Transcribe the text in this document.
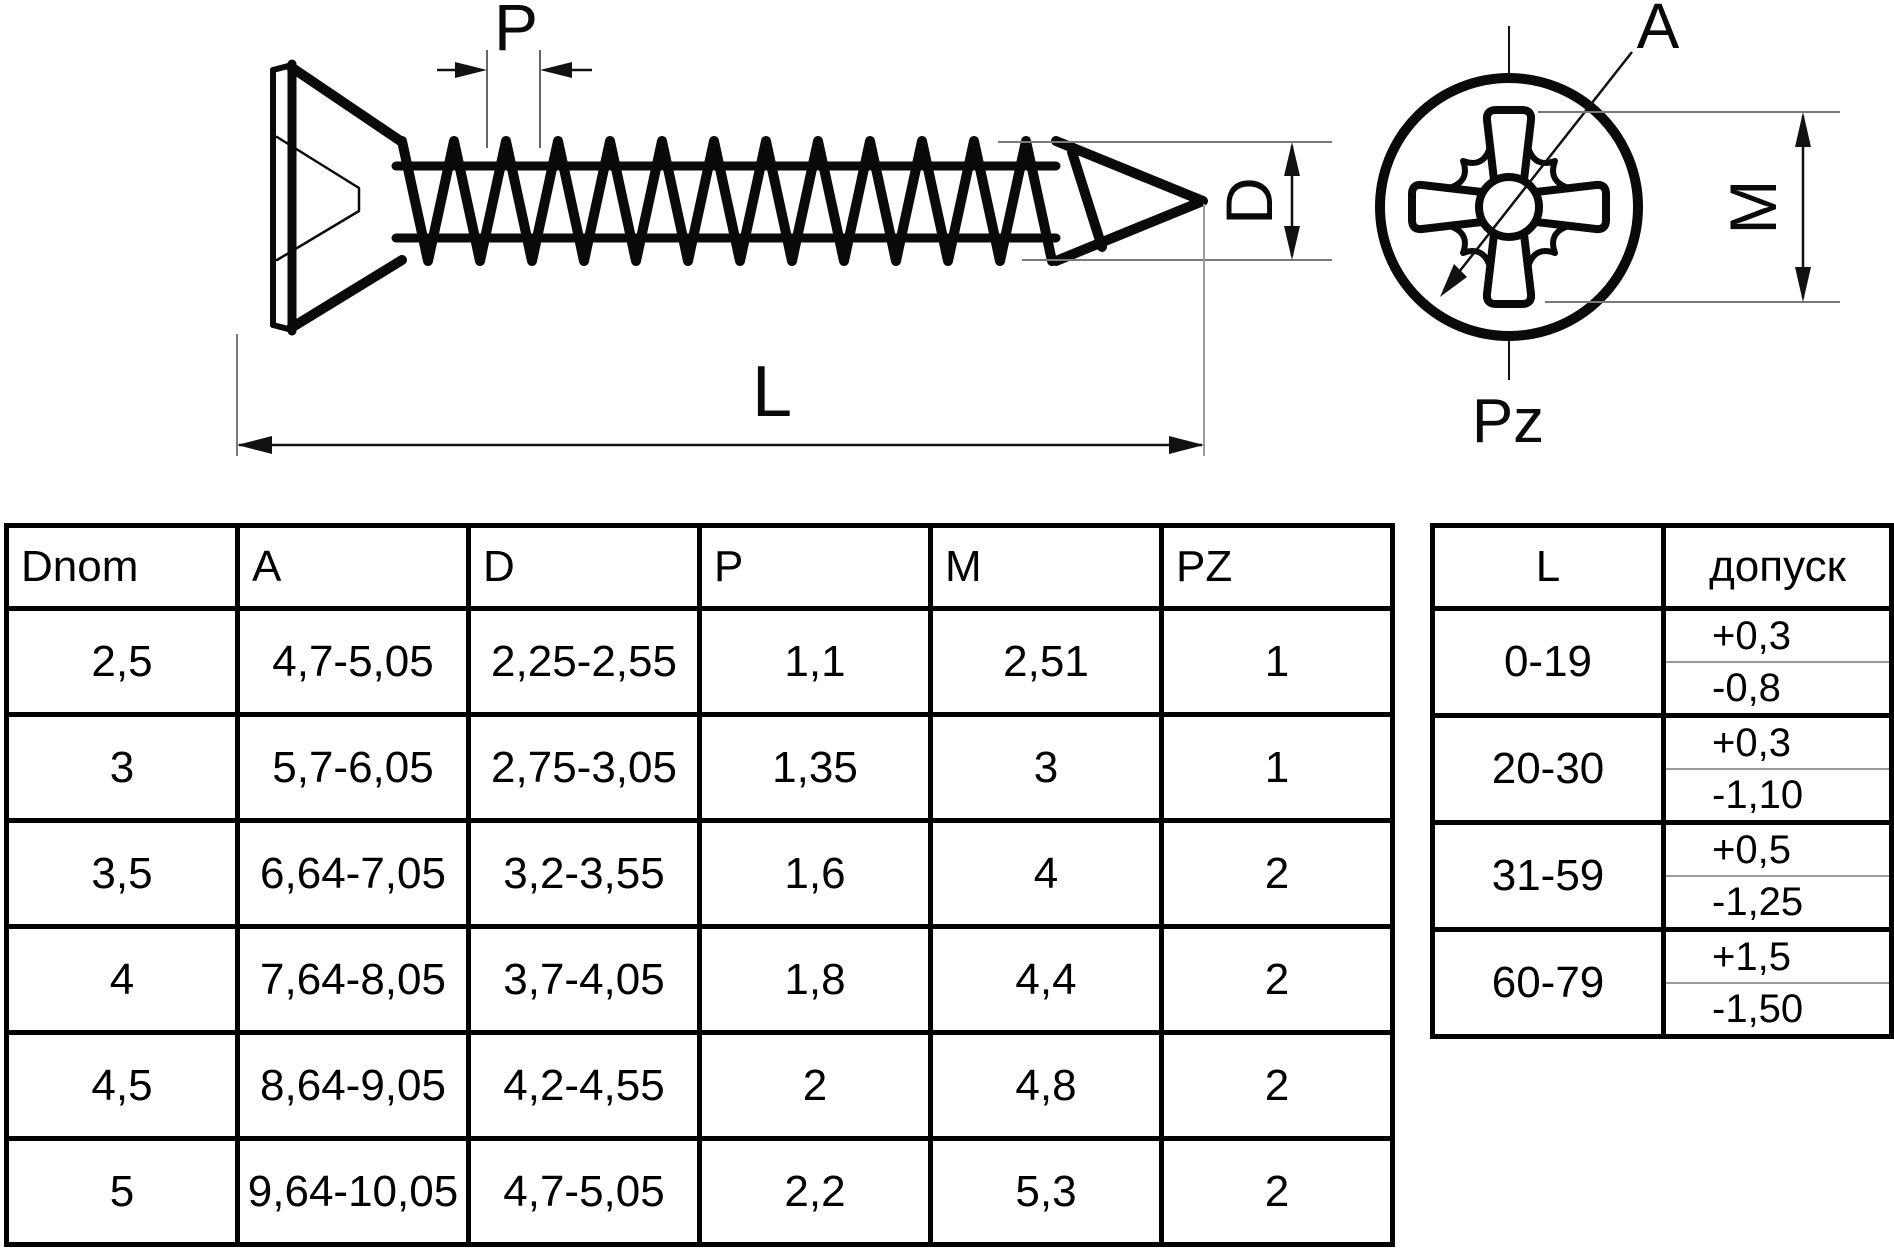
P
D
L	Pz
A
M
Dnom	A	D	P	M	PZ
2,5	4,7-5,05	2,25-2,55	1,1	2,51	1
3	5,7-6,05	2,75-3,05	1,35	3	1
3,5	6,64-7,05	3,2-3,55	1,6	4	2
4	7,64-8,05	3,7-4,05	1,8	4,4	2
4,5	8,64-9,05	4,2-4,55	2	4,8	2
5	9,64-10,05	4,7-5,05	2,2	5,3	2
L	допуск
0-19	+0,3
-0,8

20-30	+0,3
-1,10

31-59	+0,5
-1,25

60-79	+1,5
-1,50
